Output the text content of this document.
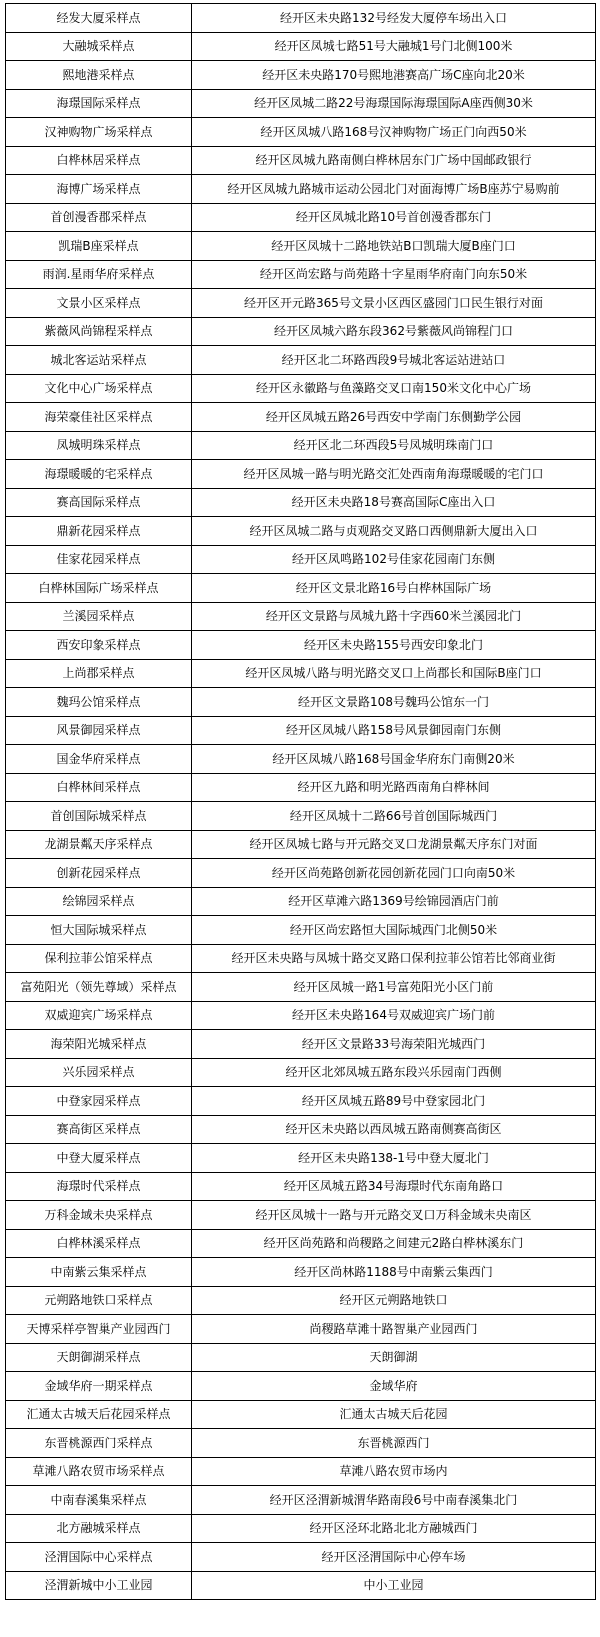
经发大厦采样点	经开区未央路132号经发大厦停车场出入口
大融城采样点	经开区凤城七路51号大融城1号门北侧100米
熙地港采样点	经开区未央路170号熙地港赛高广场C座向北20米
海璟国际采样点	经开区凤城二路22号海璟国际海璟国际A座西侧30米
汉神购物广场采样点	经开区凤城八路168号汉神购物广场正门向西50米
白桦林居采样点	经开区凤城九路南侧白桦林居东门广场中国邮政银行
海博广场采样点	经开区凤城九路城市运动公园北门对面海博广场B座苏宁易购前
首创漫香郡采样点	经开区凤城北路10号首创漫香郡东门
凯瑞B座采样点	经开区凤城十二路地铁站B口凯瑞大厦B座门口
雨润.星雨华府采样点	经开区尚宏路与尚苑路十字星雨华府南门向东50米
文景小区采样点	经开区开元路365号文景小区西区盛园门口民生银行对面
紫薇风尚锦程采样点	经开区凤城六路东段362号紫薇风尚锦程门口
城北客运站采样点	经开区北二环路西段9号城北客运站进站口
文化中心广场采样点	经开区永徽路与鱼藻路交叉口南150米文化中心广场
海荣豪佳社区采样点	经开区凤城五路26号西安中学南门东侧勤学公园
凤城明珠采样点	经开区北二环西段5号凤城明珠南门口
海璟暖暖的宅采样点	经开区凤城一路与明光路交汇处西南角海璟暖暖的宅门口
赛高国际采样点	经开区未央路18号赛高国际C座出入口
鼎新花园采样点	经开区凤城二路与贞观路交叉路口西侧鼎新大厦出入口
佳家花园采样点	经开区凤鸣路102号佳家花园南门东侧
白桦林国际广场采样点	经开区文景北路16号白桦林国际广场
兰溪园采样点	经开区文景路与凤城九路十字西60米兰溪园北门
西安印象采样点	经开区未央路155号西安印象北门
上尚郡采样点	经开区凤城八路与明光路交叉口上尚郡长和国际B座门口
魏玛公馆采样点	经开区文景路108号魏玛公馆东一门
风景御园采样点	经开区凤城八路158号风景御园南门东侧
国金华府采样点	经开区凤城八路168号国金华府东门南侧20米
白桦林间采样点	经开区九路和明光路西南角白桦林间
首创国际城采样点	经开区凤城十二路66号首创国际城西门
龙湖景粼天序采样点	经开区凤城七路与开元路交叉口龙湖景粼天序东门对面
创新花园采样点	经开区尚苑路创新花园创新花园门口向南50米
绘锦园采样点	经开区草滩六路1369号绘锦园酒店门前
恒大国际城采样点	经开区尚宏路恒大国际城西门北侧50米
保利拉菲公馆采样点	经开区未央路与凤城十路交叉路口保利拉菲公馆若比邻商业街
富苑阳光（领先尊域）采样点	经开区凤城一路1号富苑阳光小区门前
双威迎宾广场采样点	经开区未央路164号双威迎宾广场门前
海荣阳光城采样点	经开区文景路33号海荣阳光城西门
兴乐园采样点	经开区北郊凤城五路东段兴乐园南门西侧
中登家园采样点	经开区凤城五路89号中登家园北门
赛高街区采样点	经开区未央路以西凤城五路南侧赛高街区
中登大厦采样点	经开区未央路138-1号中登大厦北门
海璟时代采样点	经开区凤城五路34号海璟时代东南角路口
万科金域未央采样点	经开区凤城十一路与开元路交叉口万科金域未央南区
白桦林溪采样点	经开区尚苑路和尚稷路之间建元2路白桦林溪东门
中南紫云集采样点	经开区尚林路1188号中南紫云集西门
元朔路地铁口采样点	经开区元朔路地铁口
天博采样亭智巢产业园西门	尚稷路草滩十路智巢产业园西门
天朗御湖采样点	天朗御湖
金域华府一期采样点	金域华府
汇通太古城天后花园采样点	汇通太古城天后花园
东晋桃源西门采样点	东晋桃源西门
草滩八路农贸市场采样点	草滩八路农贸市场内
中南春溪集采样点	经开区泾渭新城渭华路南段6号中南春溪集北门
北方融城采样点	经开区泾环北路北北方融城西门
泾渭国际中心采样点	经开区泾渭国际中心停车场
泾渭新城中小工业园	中小工业园
